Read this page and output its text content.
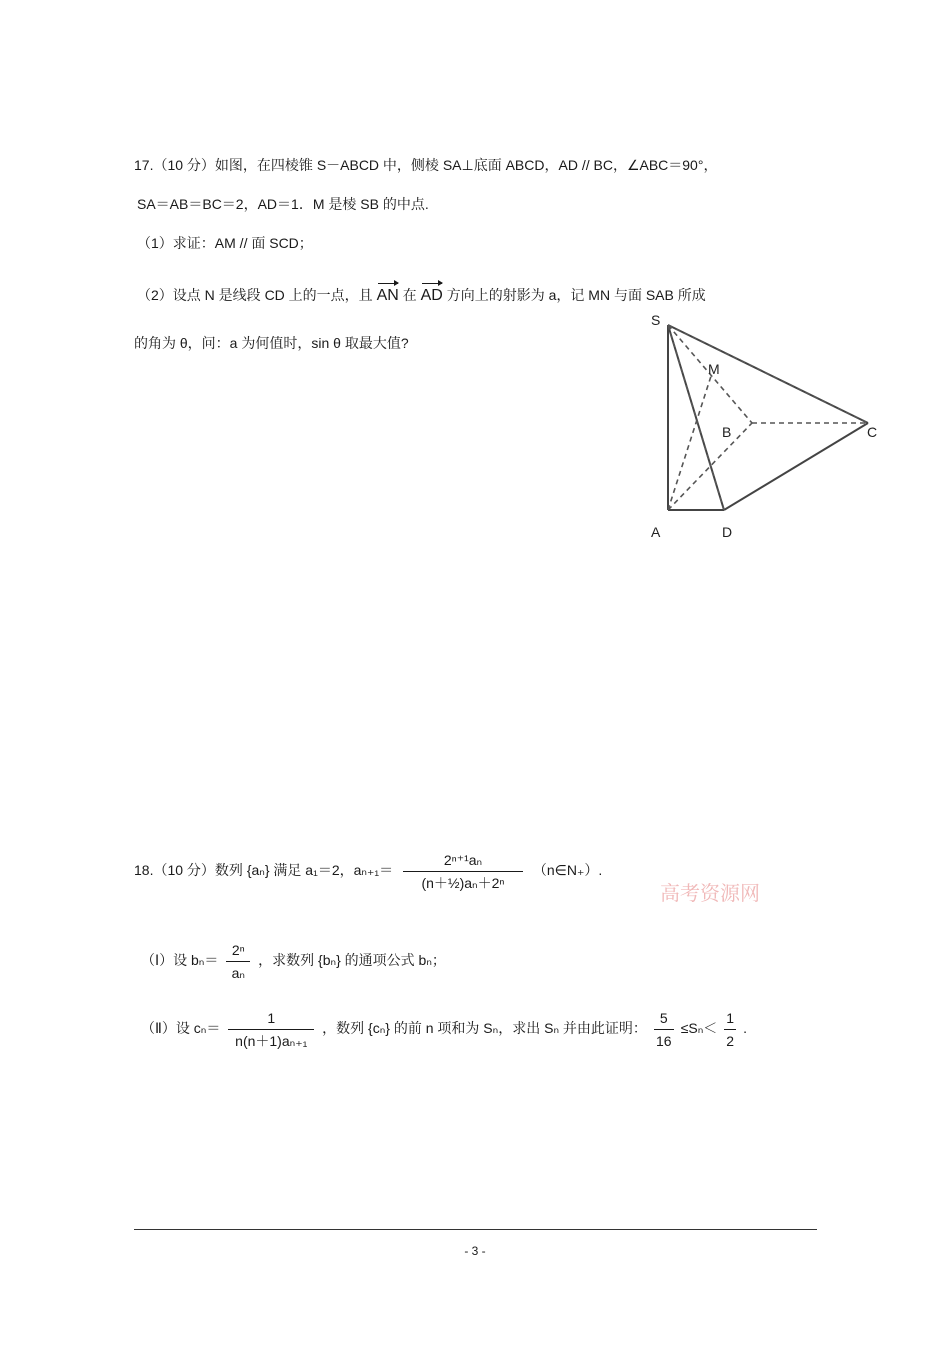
17.（10 分）如图，在四棱锥 S－ABCD 中，侧棱 SA⊥底面 ABCD，AD // BC，∠ABC＝90°，
SA＝AB＝BC＝2，AD＝1．M 是棱 SB 的中点.
（1）求证：AM // 面 SCD；
（2）设点 N 是线段 CD 上的一点，且 AN 在 AD 方向上的射影为 a，记 MN 与面 SAB 所成
的角为 θ，问：a 为何值时，sin θ 取最大值?
S
M
B	C
A	D
18.（10 分）数列 {aₙ} 满足 a₁＝2，$a_{n+1}= \frac{\text{2ⁿ⁺¹aₙ}}{\text{(n＋½)aₙ＋2ⁿ}}$ （n∈N₊）.
高考资源网
（Ⅰ）设 $b_n= \frac{\text{2ⁿ}}{\text{aₙ}}$ ，求数列 {bₙ} 的通项公式 bₙ；
（Ⅱ）设 $c_n= \frac{1}{\text{n(n＋1)aₙ₊₁}}$ ，数列 {cₙ} 的前 n 项和为 Sₙ，求出 Sₙ 并由此证明： $\frac{5}{16} \le S_n< \frac{1}{2}$ .
- 3 -
